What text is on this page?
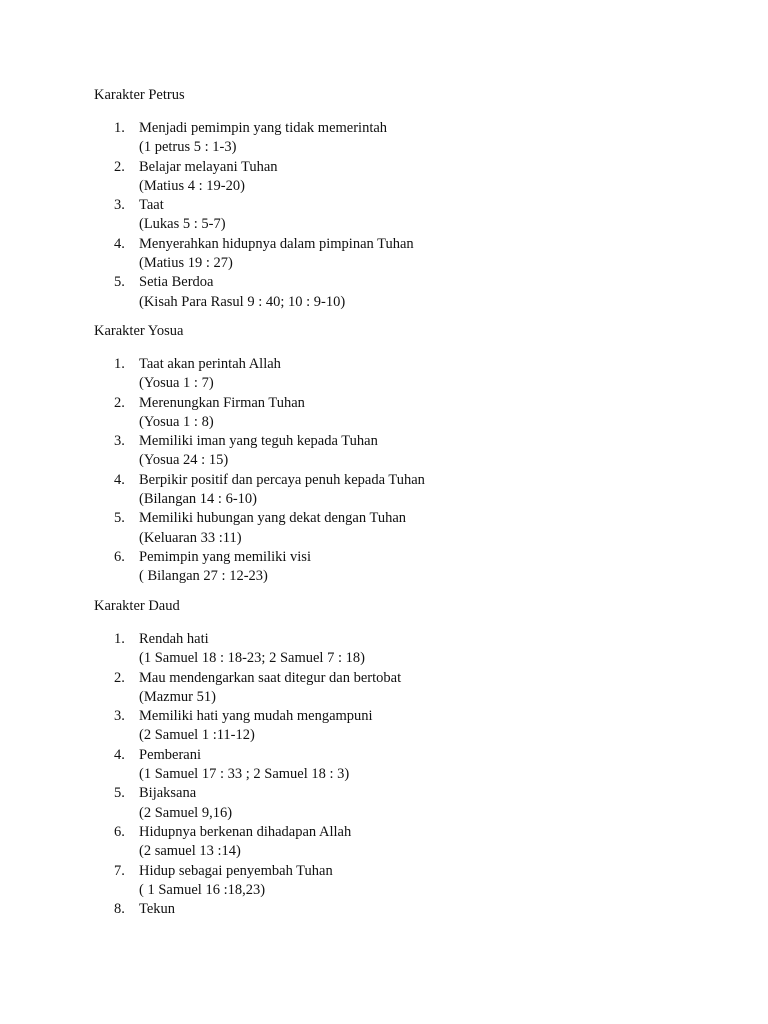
Karakter Petrus
1. Menjadi pemimpin yang tidak memerintah
(1 petrus 5 : 1-3)
2. Belajar melayani Tuhan
(Matius 4 : 19-20)
3. Taat
(Lukas 5 : 5-7)
4. Menyerahkan hidupnya dalam pimpinan Tuhan
(Matius 19 : 27)
5. Setia Berdoa
(Kisah Para Rasul 9 : 40; 10 : 9-10)
Karakter Yosua
1. Taat akan perintah Allah
(Yosua 1 : 7)
2. Merenungkan Firman Tuhan
(Yosua 1 : 8)
3. Memiliki iman yang teguh kepada Tuhan
(Yosua 24 : 15)
4. Berpikir positif dan percaya penuh kepada Tuhan
(Bilangan 14 : 6-10)
5. Memiliki hubungan yang dekat dengan Tuhan
(Keluaran 33 :11)
6. Pemimpin yang memiliki visi
( Bilangan 27 : 12-23)
Karakter Daud
1. Rendah hati
(1 Samuel 18 : 18-23; 2 Samuel 7 : 18)
2. Mau mendengarkan saat ditegur dan bertobat
(Mazmur 51)
3. Memiliki hati yang mudah mengampuni
(2 Samuel 1 :11-12)
4. Pemberani
(1 Samuel 17 : 33 ; 2 Samuel 18 : 3)
5. Bijaksana
(2 Samuel 9,16)
6. Hidupnya berkenan dihadapan Allah
(2 samuel 13 :14)
7. Hidup sebagai penyembah Tuhan
( 1 Samuel 16 :18,23)
8. Tekun
